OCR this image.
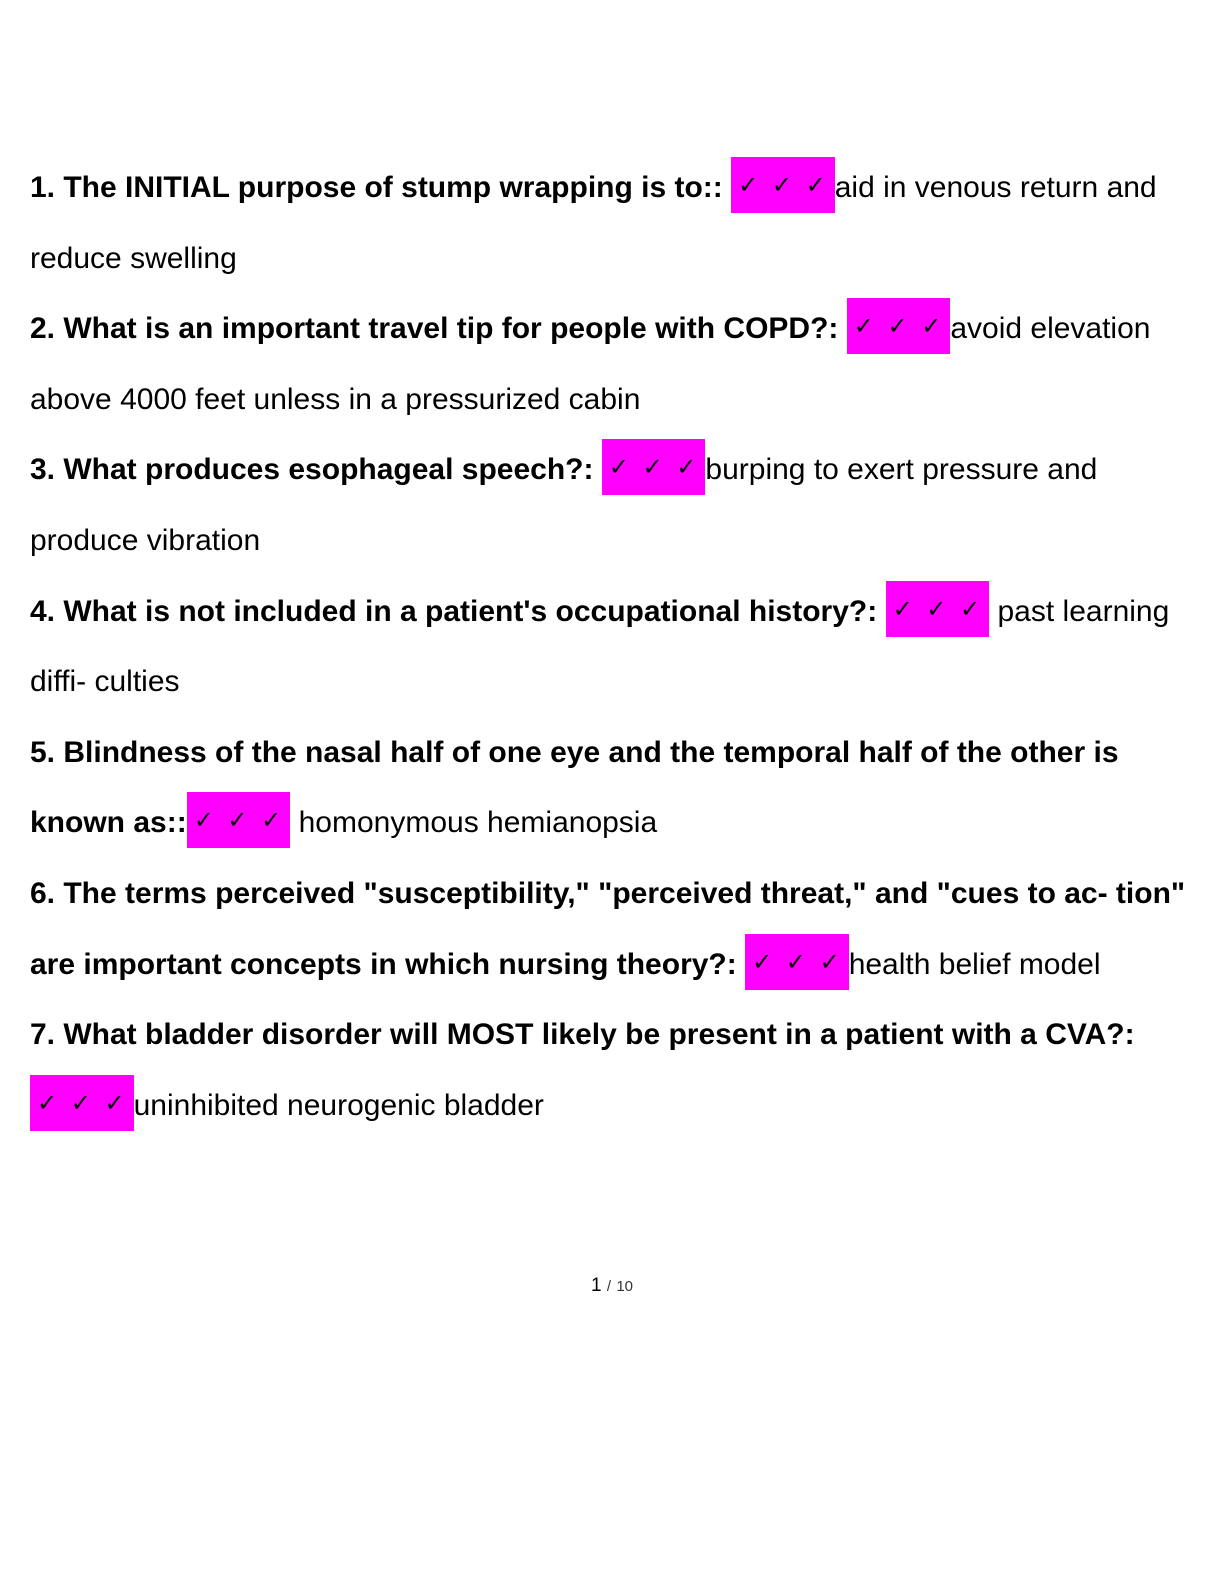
1. The INITIAL purpose of stump wrapping is to:: ✓ ✓ ✓ aid in venous return and reduce swelling
2. What is an important travel tip for people with COPD?: ✓ ✓ ✓ avoid elevation above 4000 feet unless in a pressurized cabin
3. What produces esophageal speech?: ✓ ✓ ✓ burping to exert pressure and produce vibration
4. What is not included in a patient's occupational history?: ✓ ✓ ✓ past learning diffi- culties
5. Blindness of the nasal half of one eye and the temporal half of the other is known as:: ✓ ✓ ✓ homonymous hemianopsia
6. The terms perceived "susceptibility," "perceived threat," and "cues to ac- tion" are important concepts in which nursing theory?: ✓ ✓ ✓ health belief model
7. What bladder disorder will MOST likely be present in a patient with a CVA?: ✓ ✓ ✓ uninhibited neurogenic bladder
1 / 10
